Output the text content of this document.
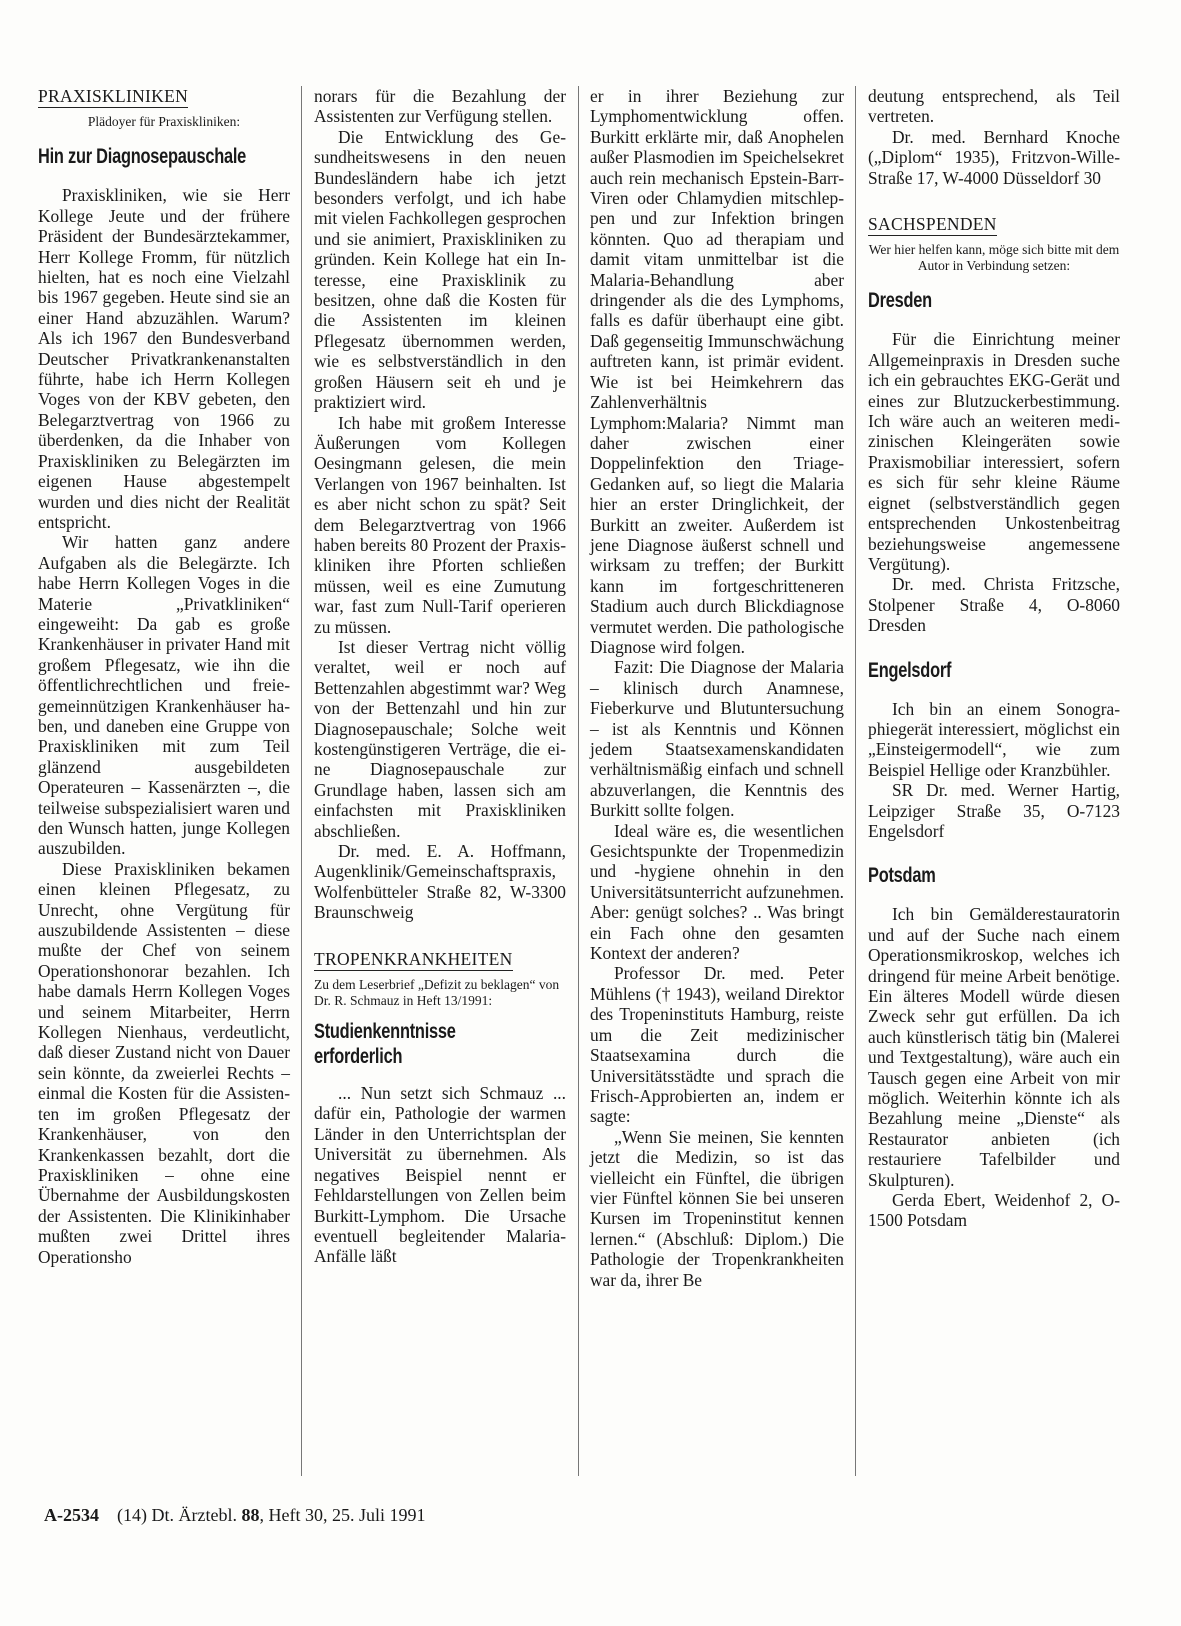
PRAXISKLINIKEN

Plädoyer für Praxiskliniken:

Hin zur Diagnosepauschale

Praxiskliniken, wie sie Herr Kollege Jeute und der frühere Präsident der Bundesärztekammer, Herr Kollege Fromm, für nützlich hielten, hat es noch eine Vielzahl bis 1967 gegeben. Heute sind sie an einer Hand abzuzählen. Warum? Als ich 1967 den Bundesverband Deutscher Privatkrankenanstalten führte, habe ich Herrn Kollegen Voges von der KBV gebeten, den Belegarztvertrag von 1966 zu überdenken, da die Inhaber von Praxiskliniken zu Belegärzten im eigenen Hause abgestempelt wurden und dies nicht der Realität entspricht.

Wir hatten ganz andere Aufgaben als die Belegärzte. Ich habe Herrn Kollegen Voges in die Materie „Privatkliniken“ eingeweiht: Da gab es große Krankenhäuser in privater Hand mit großem Pflegesatz, wie ihn die öffentlichrechtlichen und freie-gemeinnützigen Krankenhäuser haben, und daneben eine Gruppe von Praxiskliniken mit zum Teil glänzend ausgebildeten Operateuren – Kassenärzten –, die teilweise subspezialisiert waren und den Wunsch hatten, junge Kollegen auszubilden.

Diese Praxiskliniken bekamen einen kleinen Pflegesatz, zu Unrecht, ohne Vergütung für auszubildende Assistenten – diese mußte der Chef von seinem Operationshonorar bezahlen. Ich habe damals Herrn Kollegen Voges und seinem Mitarbeiter, Herrn Kollegen Nienhaus, verdeutlicht, daß dieser Zustand nicht von Dauer sein könnte, da zweierlei Rechts – einmal die Kosten für die Assistenten im großen Pflegesatz der Krankenhäuser, von den Krankenkassen bezahlt, dort die Praxiskliniken – ohne eine Übernahme der Ausbildungskosten der Assistenten. Die Klinikinhaber mußten zwei Drittel ihres Operationsho

norars für die Bezahlung der Assistenten zur Verfügung stellen.

Die Entwicklung des Gesundheitswesens in den neuen Bundesländern habe ich jetzt besonders verfolgt, und ich habe mit vielen Fachkollegen gesprochen und sie animiert, Praxiskliniken zu gründen. Kein Kollege hat ein Interesse, eine Praxisklinik zu besitzen, ohne daß die Kosten für die Assistenten im kleinen Pflegesatz übernommen werden, wie es selbstverständlich in den großen Häusern seit eh und je praktiziert wird.

Ich habe mit großem Interesse Äußerungen vom Kollegen Oesingmann gelesen, die mein Verlangen von 1967 beinhalten. Ist es aber nicht schon zu spät? Seit dem Belegarztvertrag von 1966 haben bereits 80 Prozent der Praxiskliniken ihre Pforten schließen müssen, weil es eine Zumutung war, fast zum Null-Tarif operieren zu müssen.

Ist dieser Vertrag nicht völlig veraltet, weil er noch auf Bettenzahlen abgestimmt war? Weg von der Bettenzahl und hin zur Diagnosepauschale; Solche weit kostengünstigeren Verträge, die eine Diagnosepauschale zur Grundlage haben, lassen sich am einfachsten mit Praxiskliniken abschließen.

Dr. med. E. A. Hoffmann, Augenklinik/Gemeinschaftspraxis, Wolfenbütteler Straße 82, W-3300 Braunschweig

TROPENKRANKHEITEN

Zu dem Leserbrief „Defizit zu beklagen“ von Dr. R. Schmauz in Heft 13/1991:

Studienkenntnisse
erforderlich

... Nun setzt sich Schmauz ... dafür ein, Pathologie der warmen Länder in den Unterrichtsplan der Universität zu übernehmen. Als negatives Beispiel nennt er Fehldarstellungen von Zellen beim Burkitt-Lymphom. Die Ursache eventuell begleitender Malaria-Anfälle läßt

er in ihrer Beziehung zur Lymphomentwicklung offen. Burkitt erklärte mir, daß Anophelen außer Plasmodien im Speichelsekret auch rein mechanisch Epstein-Barr-Viren oder Chlamydien mitschleppen und zur Infektion bringen könnten. Quo ad therapiam und damit vitam unmittelbar ist die Malaria-Behandlung aber dringender als die des Lymphoms, falls es dafür überhaupt eine gibt. Daß gegenseitig Immunschwächung auftreten kann, ist primär evident. Wie ist bei Heimkehrern das Zahlenverhältnis Lymphom:Malaria? Nimmt man daher zwischen einer Doppelinfektion den Triage-Gedanken auf, so liegt die Malaria hier an erster Dringlichkeit, der Burkitt an zweiter. Außerdem ist jene Diagnose äußerst schnell und wirksam zu treffen; der Burkitt kann im fortgeschritteneren Stadium auch durch Blickdiagnose vermutet werden. Die pathologische Diagnose wird folgen.

Fazit: Die Diagnose der Malaria – klinisch durch Anamnese, Fieberkurve und Blutuntersuchung – ist als Kenntnis und Können jedem Staatsexamenskandidaten verhältnismäßig einfach und schnell abzuverlangen, die Kenntnis des Burkitt sollte folgen.

Ideal wäre es, die wesentlichen Gesichtspunkte der Tropenmedizin und -hygiene ohnehin in den Universitätsunterricht aufzunehmen. Aber: genügt solches? .. Was bringt ein Fach ohne den gesamten Kontext der anderen?

Professor Dr. med. Peter Mühlens († 1943), weiland Direktor des Tropeninstituts Hamburg, reiste um die Zeit medizinischer Staatsexamina durch die Universitätsstädte und sprach die Frisch-Approbierten an, indem er sagte:

„Wenn Sie meinen, Sie kennten jetzt die Medizin, so ist das vielleicht ein Fünftel, die übrigen vier Fünftel können Sie bei unseren Kursen im Tropeninstitut kennen lernen.“ (Abschluß: Diplom.) Die Pathologie der Tropenkrankheiten war da, ihrer Be

deutung entsprechend, als Teil vertreten.

Dr. med. Bernhard Knoche („Diplom“ 1935), Fritzvon-Wille-Straße 17, W-4000 Düsseldorf 30

SACHSPENDEN

Wer hier helfen kann, möge sich bitte mit dem Autor in Verbindung setzen:

Dresden

Für die Einrichtung meiner Allgemeinpraxis in Dresden suche ich ein gebrauchtes EKG-Gerät und eines zur Blutzuckerbestimmung. Ich wäre auch an weiteren medizinischen Kleingeräten sowie Praxismobiliar interessiert, sofern es sich für sehr kleine Räume eignet (selbstverständlich gegen entsprechenden Unkostenbeitrag beziehungsweise angemessene Vergütung).

Dr. med. Christa Fritzsche, Stolpener Straße 4, O-8060 Dresden

Engelsdorf

Ich bin an einem Sonographiegerät interessiert, möglichst ein „Einsteigermodell“, wie zum Beispiel Hellige oder Kranzbühler.

SR Dr. med. Werner Hartig, Leipziger Straße 35, O-7123 Engelsdorf

Potsdam

Ich bin Gemälderestauratorin und auf der Suche nach einem Operationsmikroskop, welches ich dringend für meine Arbeit benötige. Ein älteres Modell würde diesen Zweck sehr gut erfüllen. Da ich auch künstlerisch tätig bin (Malerei und Textgestaltung), wäre auch ein Tausch gegen eine Arbeit von mir möglich. Weiterhin könnte ich als Bezahlung meine „Dienste“ als Restaurator anbieten (ich restauriere Tafelbilder und Skulpturen).

Gerda Ebert, Weidenhof 2, O-1500 Potsdam

A-2534 (14) Dt. Ärztebl. 88, Heft 30, 25. Juli 1991
